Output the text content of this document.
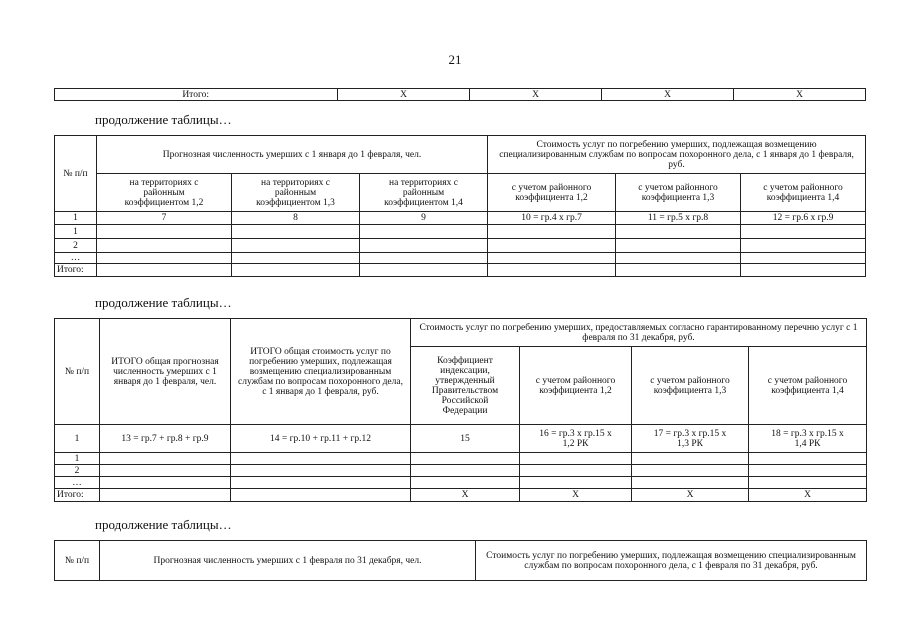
21
Итого:	X	X	X	X
продолжение таблицы…
№ п/п	Прогнозная численность умерших с 1 января до 1 февраля, чел.			Стоимость услуг по погребению умерших, подлежащая возмещению специализированным службам по вопросам похоронного дела, с 1 января до 1 февраля, руб.		
	на территориях с районным коэффициентом 1,2	на территориях с районным коэффициентом 1,3	на территориях с районным коэффициентом 1,4	с учетом районного коэффициента 1,2	с учетом районного коэффициента 1,3	с учетом районного коэффициента 1,4
1	7	8	9	10 = гр.4 х гр.7	11 = гр.5 х гр.8	12 = гр.6 х гр.9
1						
2						
…						
Итого:						
продолжение таблицы…
№ п/п	ИТОГО общая прогнозная численность умерших с 1 января до 1 февраля, чел.	ИТОГО общая стоимость услуг по погребению умерших, подлежащая возмещению специализированным службам по вопросам похоронного дела, с 1 января до 1 февраля, руб.	Стоимость услуг по погребению умерших, предоставляемых согласно гарантированному перечню услуг с 1 февраля по 31 декабря, руб.			
			Коэффициент индексации, утвержденный Правительством Российской Федерации	с учетом районного коэффициента 1,2	с учетом районного коэффициента 1,3	с учетом районного коэффициента 1,4
1	13 = гр.7 + гр.8 + гр.9	14 = гр.10 + гр.11 + гр.12	15	16 = гр.3 х гр.15 х 1,2 РК	17 = гр.3 х гр.15 х 1,3 РК	18 = гр.3 х гр.15 х 1,4 РК
1						
2						
…						
Итого:			X	X	X	X
продолжение таблицы…
№ п/п	Прогнозная численность умерших с 1 февраля по 31 декабря, чел.	Стоимость услуг по погребению умерших, подлежащая возмещению специализированным службам по вопросам похоронного дела, с 1 февраля по 31 декабря, руб.
